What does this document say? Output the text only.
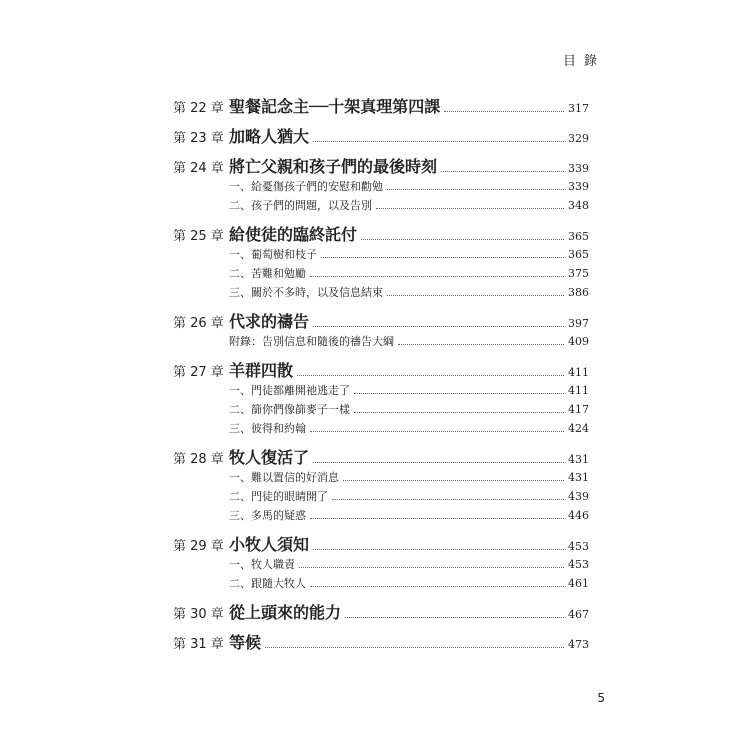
目錄
第 22 章 聖餐記念主──十架真理第四課	317
第 23 章 加略人猶大	329
第 24 章 將亡父親和孩子們的最後時刻	339
一、給憂傷孩子們的安慰和勸勉	339
二、孩子們的問題，以及告別	348
第 25 章 給使徒的臨終託付	365
一、葡萄樹和枝子	365
二、苦難和勉勵	375
三、關於不多時，以及信息結束	386
第 26 章 代求的禱告	397
附錄：告別信息和隨後的禱告大綱	409
第 27 章 羊群四散	411
一、門徒都離開祂逃走了	411
二、篩你們像篩麥子一樣	417
三、彼得和約翰	424
第 28 章 牧人復活了	431
一、難以置信的好消息	431
二、門徒的眼睛開了	439
三、多馬的疑惑	446
第 29 章 小牧人須知	453
一、牧人職責	453
二、跟隨大牧人	461
第 30 章 從上頭來的能力	467
第 31 章 等候	473
5
